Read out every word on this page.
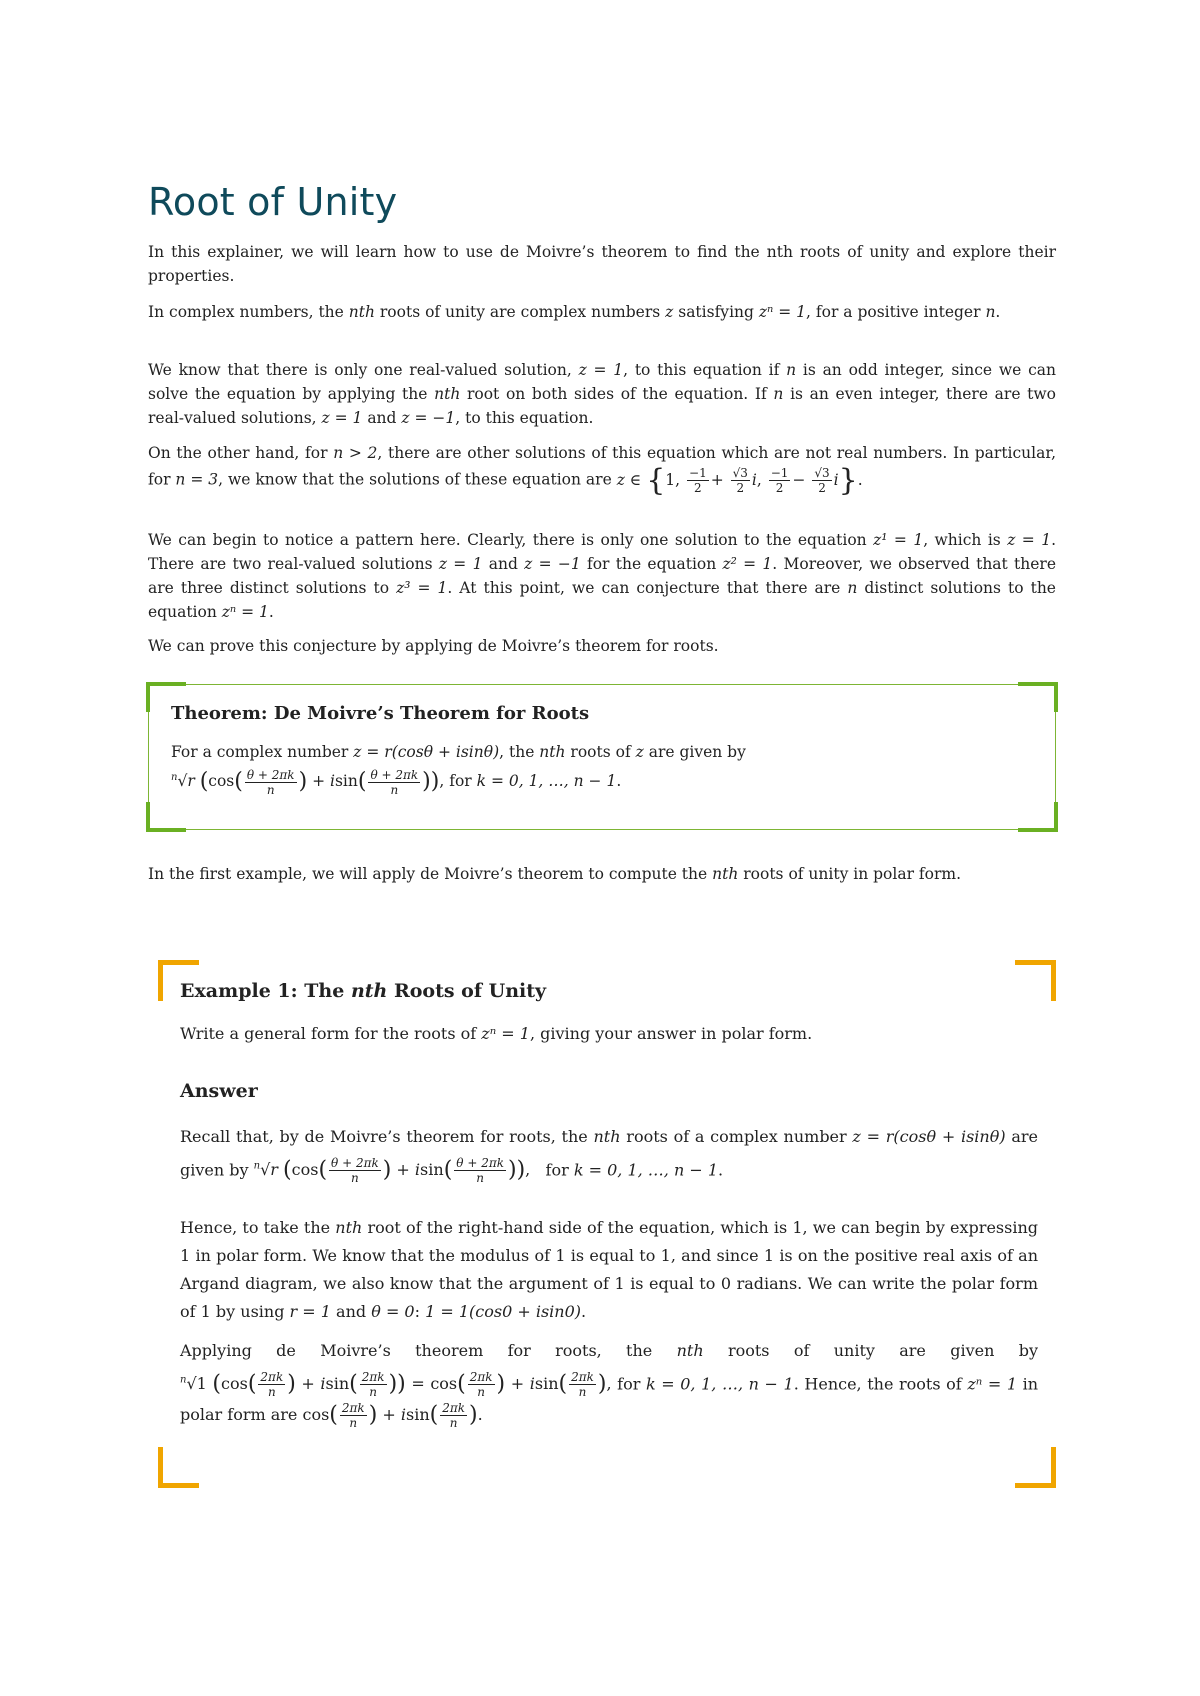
Root of Unity

In this explainer, we will learn how to use de Moivre’s theorem to find the nth roots of unity and explore their properties.

In complex numbers, the nth roots of unity are complex numbers z satisfying zⁿ = 1, for a positive integer n.

We know that there is only one real-valued solution, z = 1, to this equation if n is an odd integer, since we can solve the equation by applying the nth root on both sides of the equation. If n is an even integer, there are two real-valued solutions, z = 1 and z = −1, to this equation.

On the other hand, for n > 2, there are other solutions of this equation which are not real numbers. In particular, for n = 3, we know that the solutions of these equation are z ∈ {1, $\frac{-1}{2} + \frac{√3}{2} i$, $\frac{-1}{2} - \frac{√3}{2} i$}.

We can begin to notice a pattern here. Clearly, there is only one solution to the equation z¹ = 1, which is z = 1. There are two real-valued solutions z = 1 and z = −1 for the equation z² = 1. Moreover, we observed that there are three distinct solutions to z³ = 1. At this point, we can conjecture that there are n distinct solutions to the equation zⁿ = 1.

We can prove this conjecture by applying de Moivre’s theorem for roots.

Theorem: De Moivre’s Theorem for Roots

For a complex number z = r(cosθ + isinθ), the nth roots of z are given by
$^n$√r ($\cos( \frac{\theta + 2\pi k}{n}$ ) + $isin( \frac{\theta + 2\pi k}{n}$ )), for k = 0, 1, …, n − 1.

In the first example, we will apply de Moivre’s theorem to compute the nth roots of unity in polar form.

Example 1: The nth Roots of Unity

Write a general form for the roots of zⁿ = 1, giving your answer in polar form.

Answer

Recall that, by de Moivre’s theorem for roots, the nth roots of a complex number z = r(cosθ + isinθ) are given by $^n$√r ($\cos( \frac{\theta + 2\pi k}{n}$ ) + $isin( \frac{\theta + 2\pi k}{n}$ )),   for k = 0, 1, …, n − 1.

Hence, to take the nth root of the right-hand side of the equation, which is 1, we can begin by expressing 1 in polar form. We know that the modulus of 1 is equal to 1, and since 1 is on the positive real axis of an Argand diagram, we also know that the argument of 1 is equal to 0 radians. We can write the polar form of 1 by using r = 1 and θ = 0: 1 = 1(cos0 + isin0).

Applying de Moivre’s theorem for roots, the nth roots of unity are given by $^n$√1 ($\cos( \frac{2\pi k}{n}$ ) + $isin( \frac{2\pi k}{n}$ )) = $\cos( \frac{2\pi k}{n}$ ) + $isin( \frac{2\pi k}{n}$ ), for k = 0, 1, …, n − 1. Hence, the roots of zⁿ = 1 in polar form are $\cos( \frac{2\pi k}{n}$ ) + $isin( \frac{2\pi k}{n}$ ).
